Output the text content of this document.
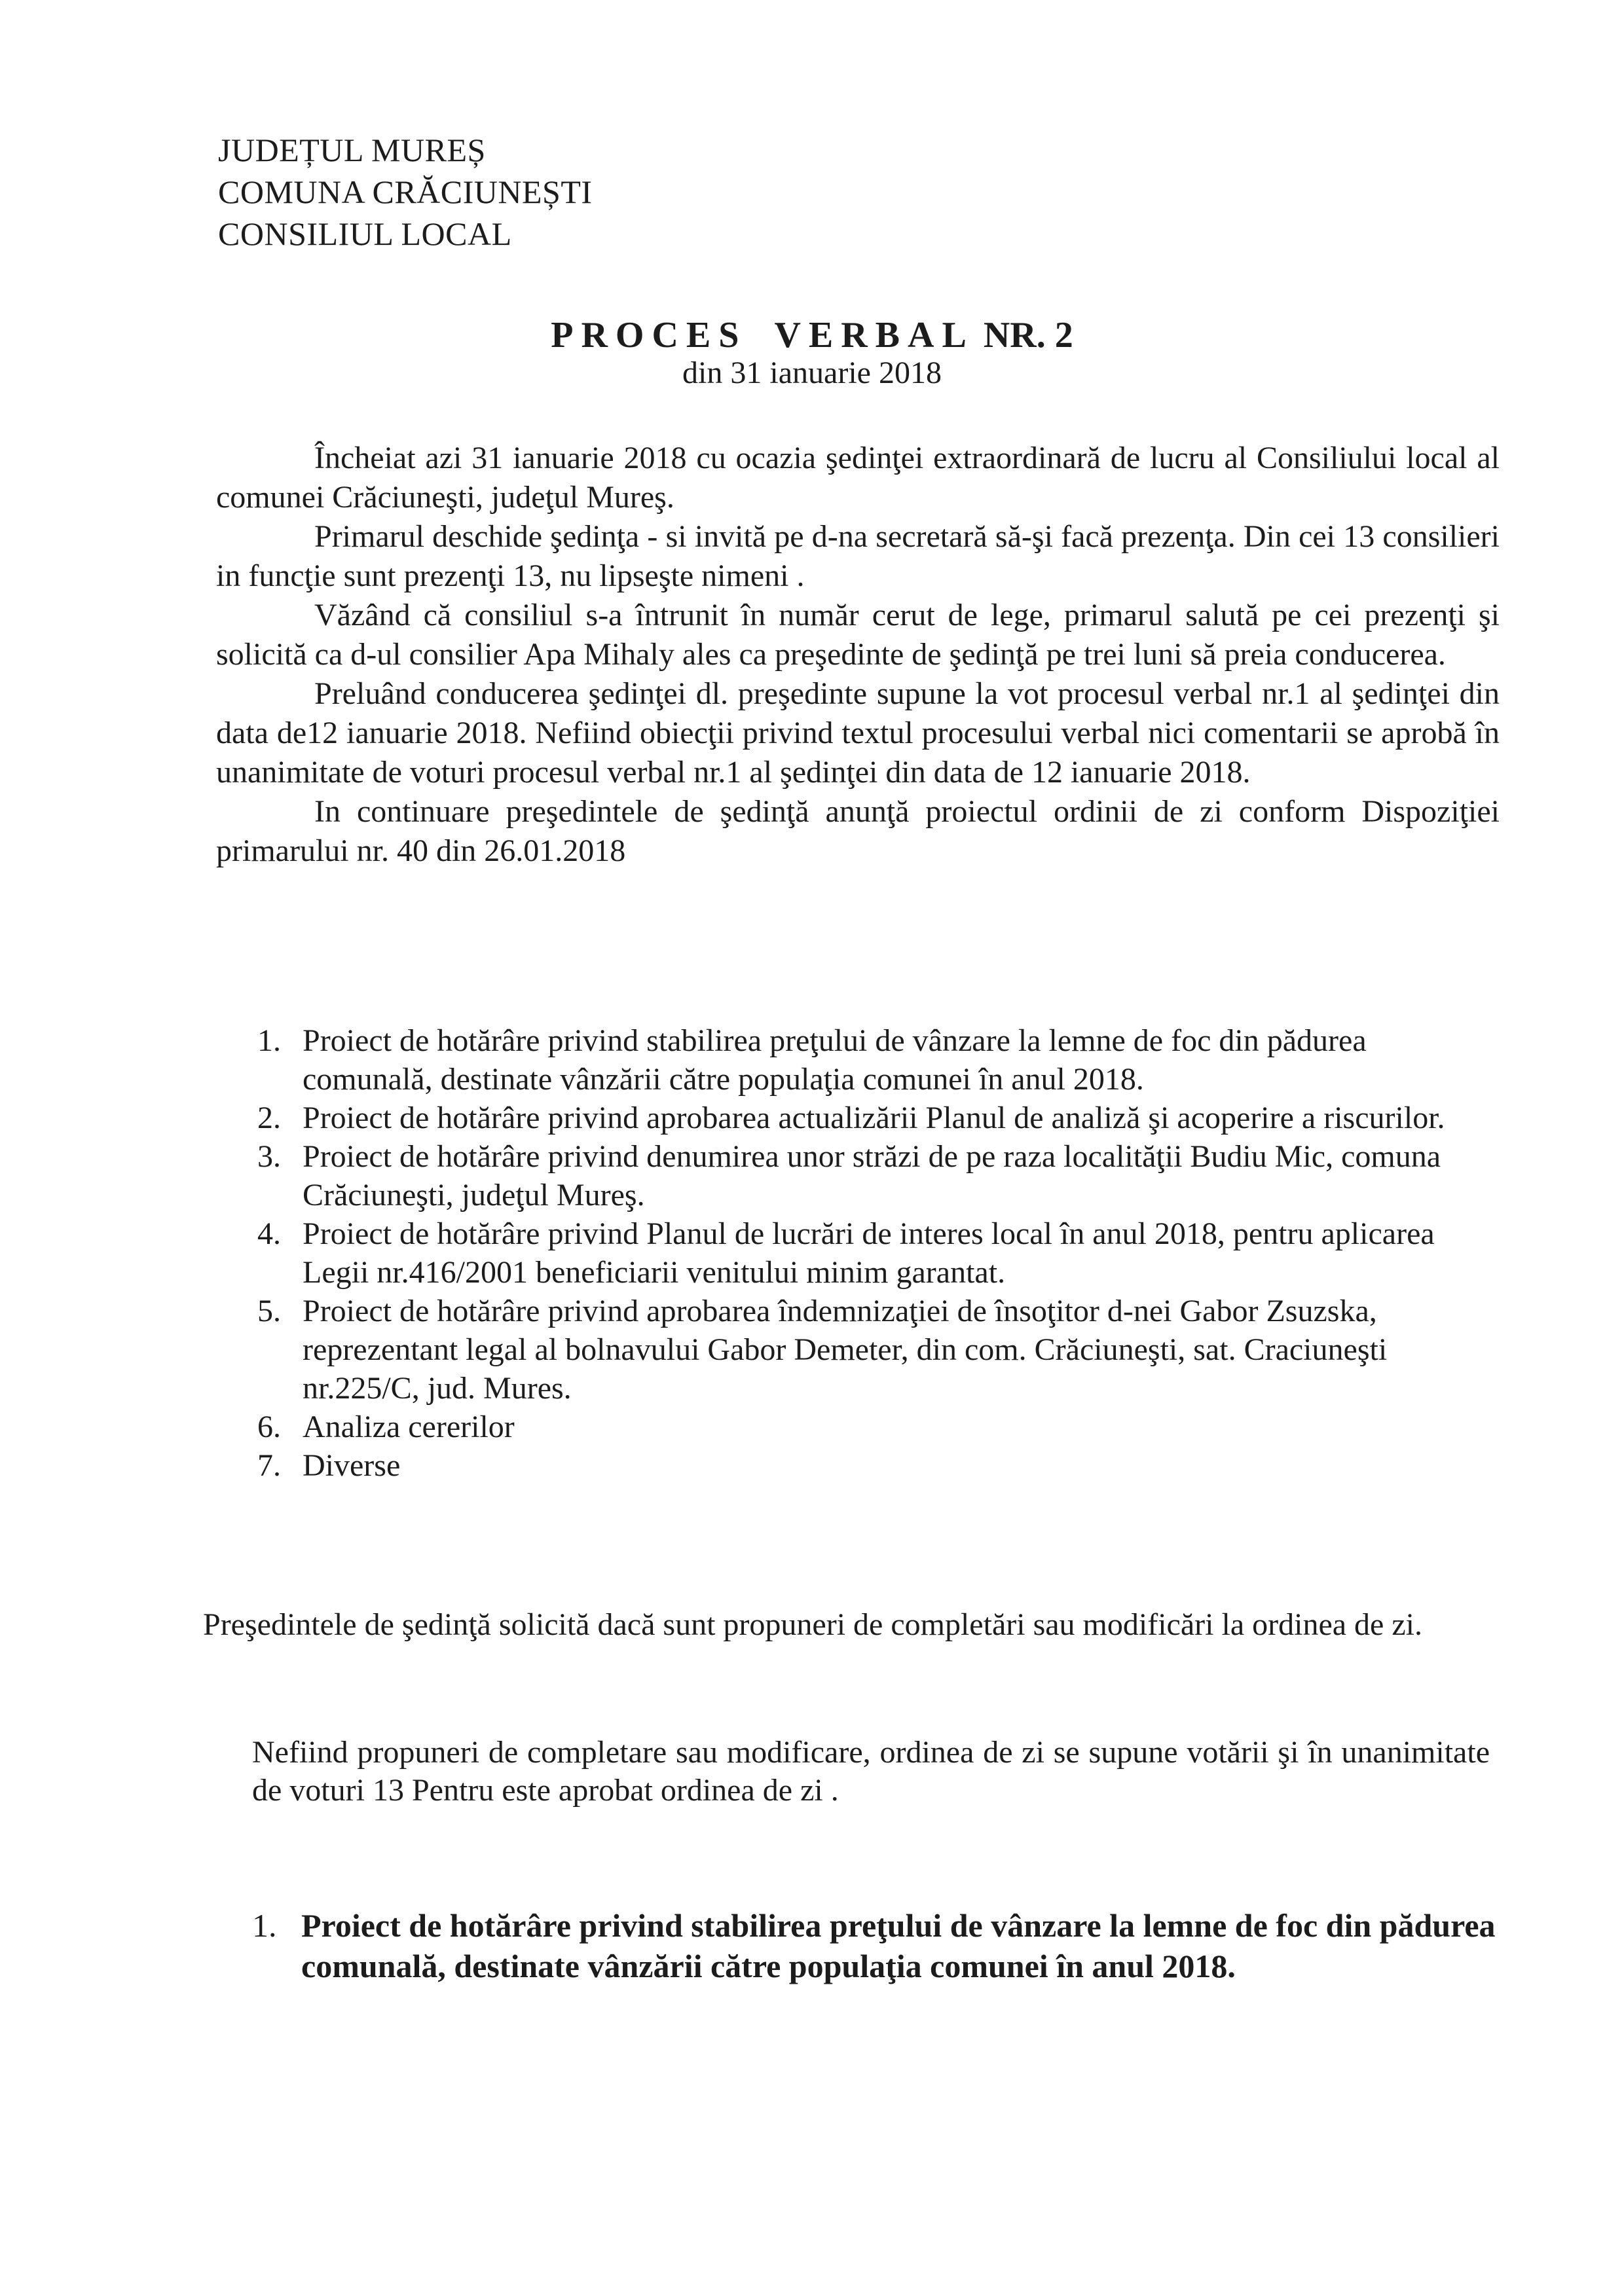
JUDEȚUL MUREȘ
COMUNA CRĂCIUNEȘTI
CONSILIUL LOCAL
PROCES VERBAL NR. 2
din 31 ianuarie 2018

Încheiat azi 31 ianuarie 2018 cu ocazia şedinţei extraordinară de lucru al Consiliului local al comunei Crăciuneşti, judeţul Mureş.

Primarul deschide şedinţa - si invită pe d-na secretară să-şi facă prezenţa. Din cei 13 consilieri in funcţie sunt prezenţi 13, nu lipseşte nimeni .

Văzând că consiliul s-a întrunit în număr cerut de lege, primarul salută pe cei prezenţi şi solicită ca d-ul consilier Apa Mihaly ales ca preşedinte de şedinţă pe trei luni să preia conducerea.

Preluând conducerea şedinţei dl. preşedinte supune la vot procesul verbal nr.1 al şedinţei din data de12 ianuarie 2018. Nefiind obiecţii privind textul procesului verbal nici comentarii se aprobă în unanimitate de voturi procesul verbal nr.1 al şedinţei din data de 12 ianuarie 2018.

In continuare preşedintele de şedinţă anunţă proiectul ordinii de zi conform Dispoziţiei primarului nr. 40 din 26.01.2018

1. Proiect de hotărâre privind stabilirea preţului de vânzare la lemne de foc din pădurea comunală, destinate vânzării către populaţia comunei în anul 2018.
2. Proiect de hotărâre privind aprobarea actualizării Planul de analiză şi acoperire a riscurilor.
3. Proiect de hotărâre privind denumirea unor străzi de pe raza localităţii Budiu Mic, comuna Crăciuneşti, judeţul Mureş.
4. Proiect de hotărâre privind Planul de lucrări de interes local în anul 2018, pentru aplicarea Legii nr.416/2001 beneficiarii venitului minim garantat.
5. Proiect de hotărâre privind aprobarea îndemnizaţiei de însoţitor d-nei Gabor Zsuzska, reprezentant legal al bolnavului Gabor Demeter, din com. Crăciuneşti, sat. Craciuneşti nr.225/C, jud. Mures.
6. Analiza cererilor
7. Diverse

Preşedintele de şedinţă solicită dacă sunt propuneri de completări sau modificări la ordinea de zi.

Nefiind propuneri de completare sau modificare, ordinea de zi se supune votării şi în unanimitate de voturi 13 Pentru este aprobat ordinea de zi .

1. Proiect de hotărâre privind stabilirea preţului de vânzare la lemne de foc din pădurea comunală, destinate vânzării către populaţia comunei în anul 2018.
